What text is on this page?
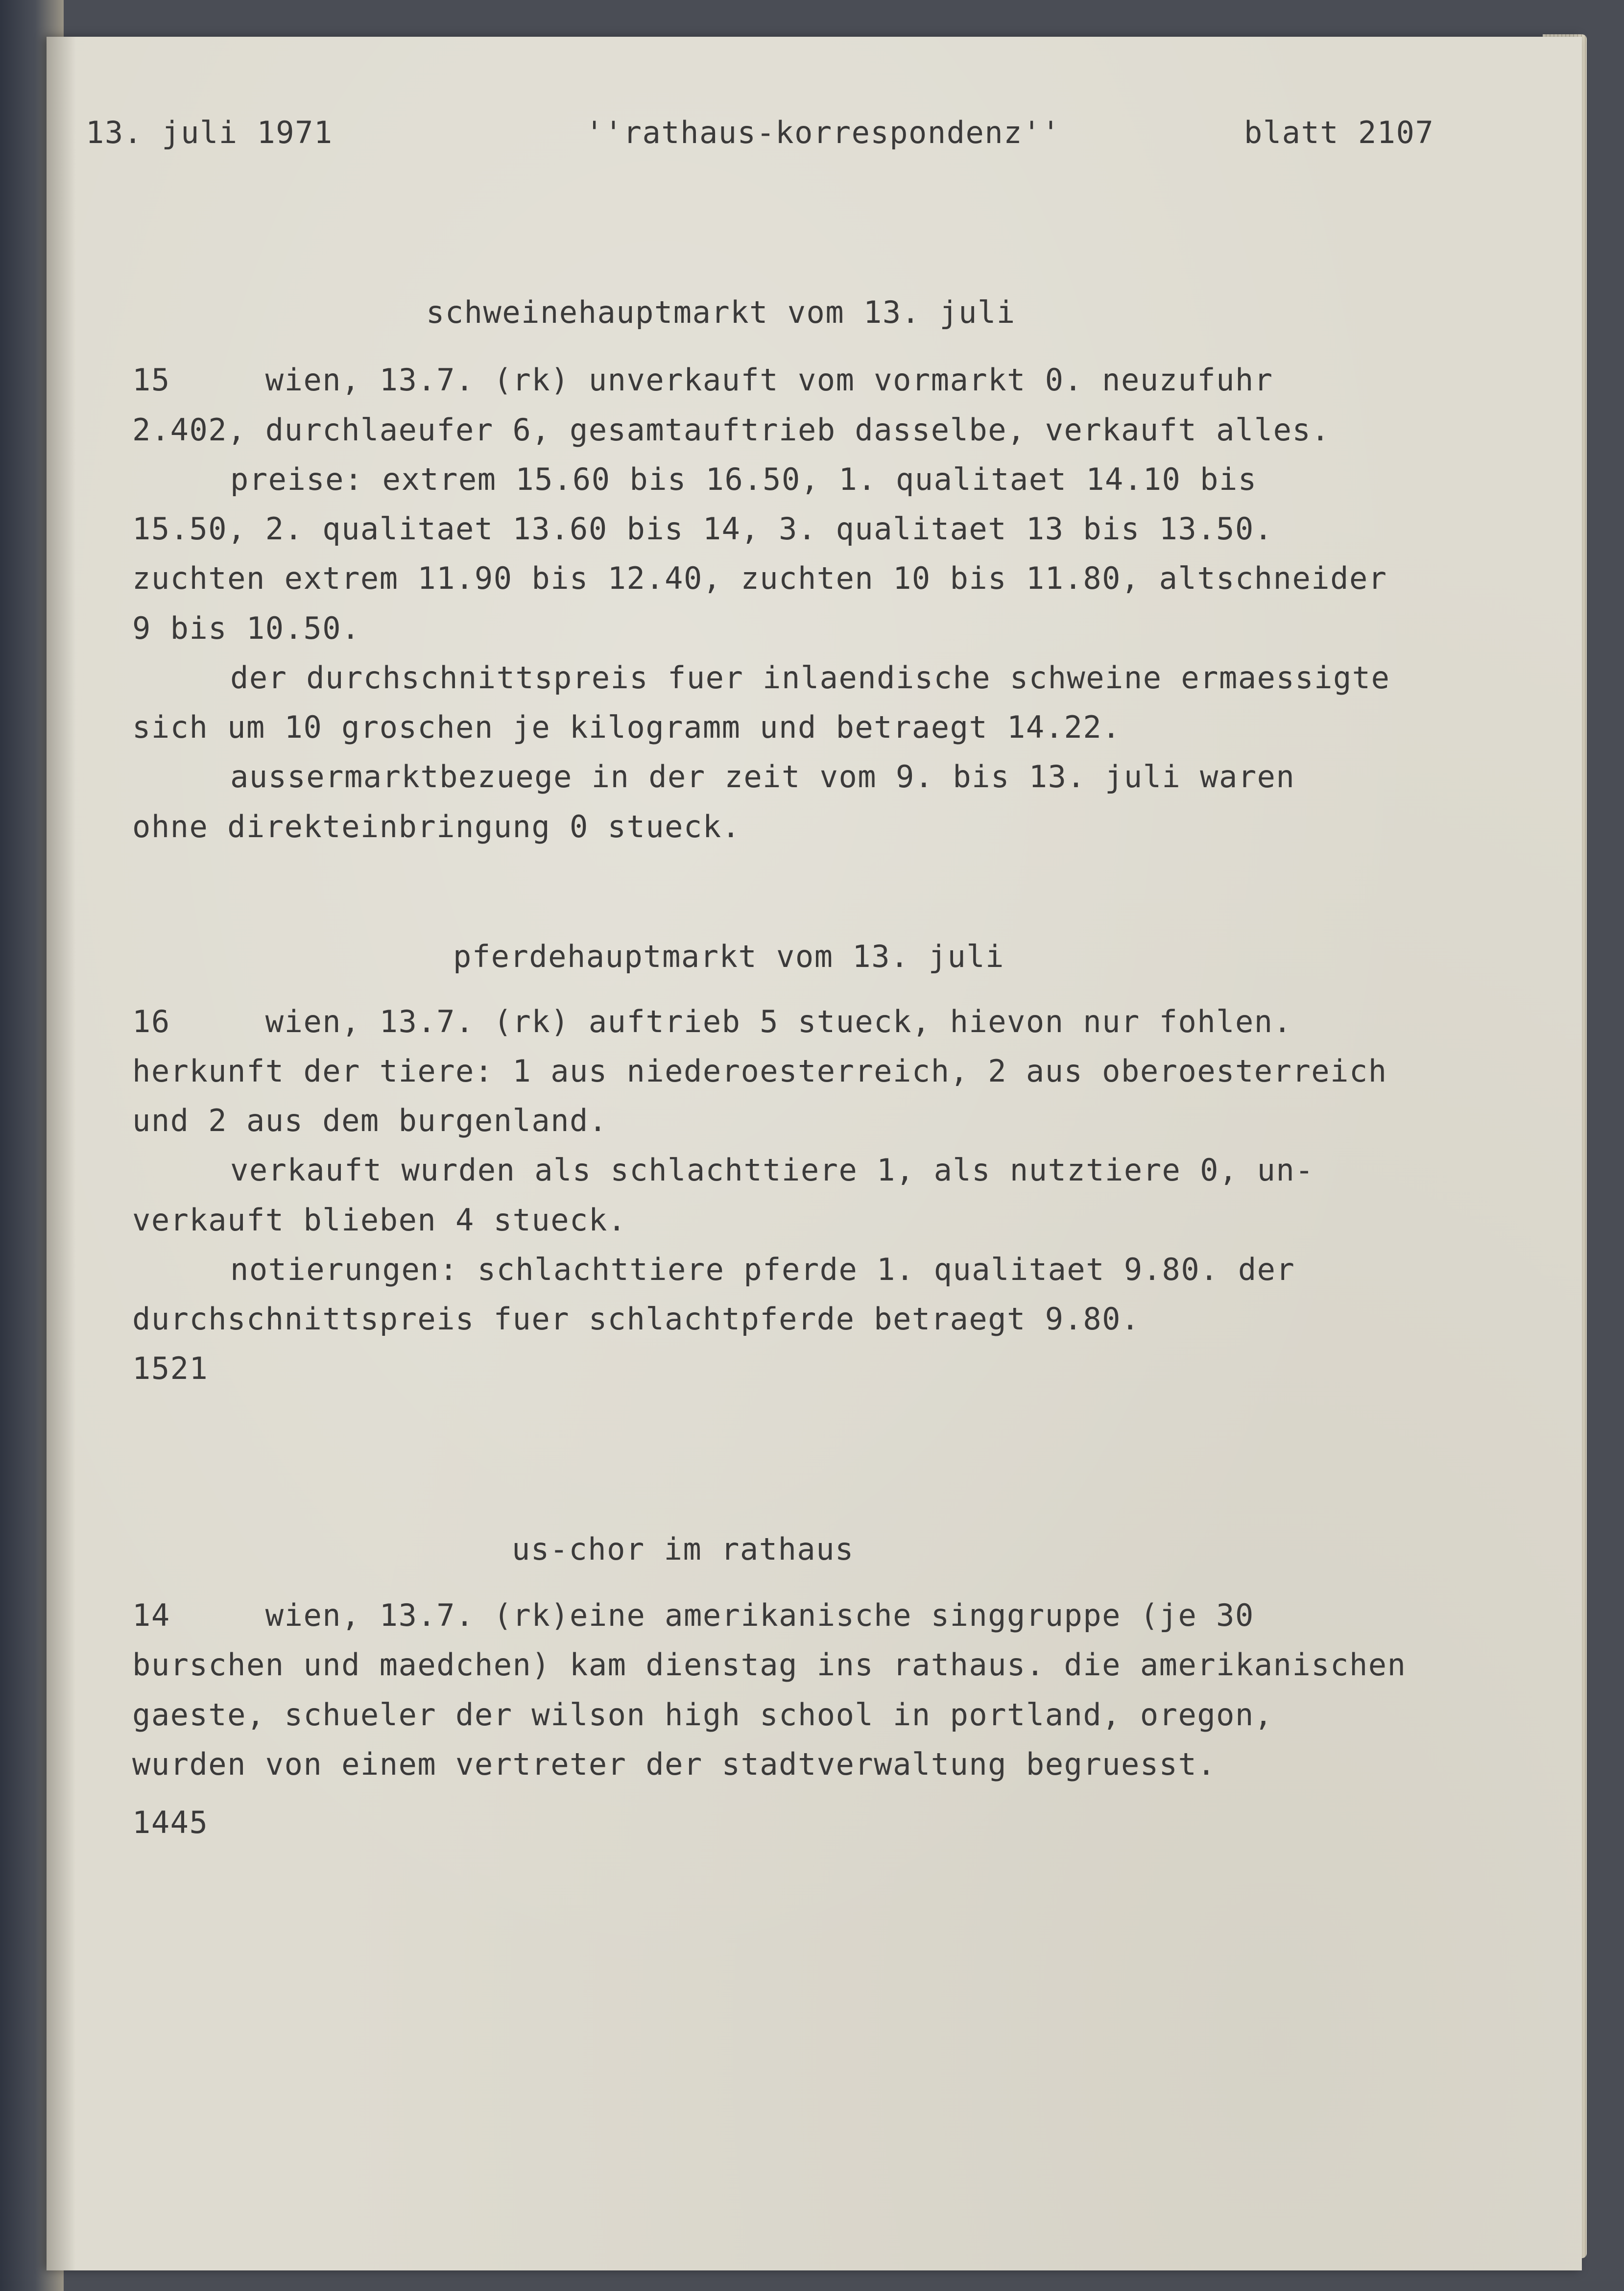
13. juli 1971	''rathaus-korrespondenz''	blatt 2107

schweinehauptmarkt vom 13. juli

15     wien, 13.7. (rk) unverkauft vom vormarkt 0. neuzufuhr

2.402, durchlaeufer 6, gesamtauftrieb dasselbe, verkauft alles.

preise: extrem 15.60 bis 16.50, 1. qualitaet 14.10 bis

15.50, 2. qualitaet 13.60 bis 14, 3. qualitaet 13 bis 13.50.

zuchten extrem 11.90 bis 12.40, zuchten 10 bis 11.80, altschneider

9 bis 10.50.

der durchschnittspreis fuer inlaendische schweine ermaessigte

sich um 10 groschen je kilogramm und betraegt 14.22.

aussermarktbezuege in der zeit vom 9. bis 13. juli waren

ohne direkteinbringung 0 stueck.

pferdehauptmarkt vom 13. juli

16     wien, 13.7. (rk) auftrieb 5 stueck, hievon nur fohlen.

herkunft der tiere: 1 aus niederoesterreich, 2 aus oberoesterreich

und 2 aus dem burgenland.

verkauft wurden als schlachttiere 1, als nutztiere 0, un-

verkauft blieben 4 stueck.

notierungen: schlachttiere pferde 1. qualitaet 9.80. der

durchschnittspreis fuer schlachtpferde betraegt 9.80.

1521

us-chor im rathaus

14     wien, 13.7. (rk)eine amerikanische singgruppe (je 30

burschen und maedchen) kam dienstag ins rathaus. die amerikanischen

gaeste, schueler der wilson high school in portland, oregon,

wurden von einem vertreter der stadtverwaltung begruesst.

1445
